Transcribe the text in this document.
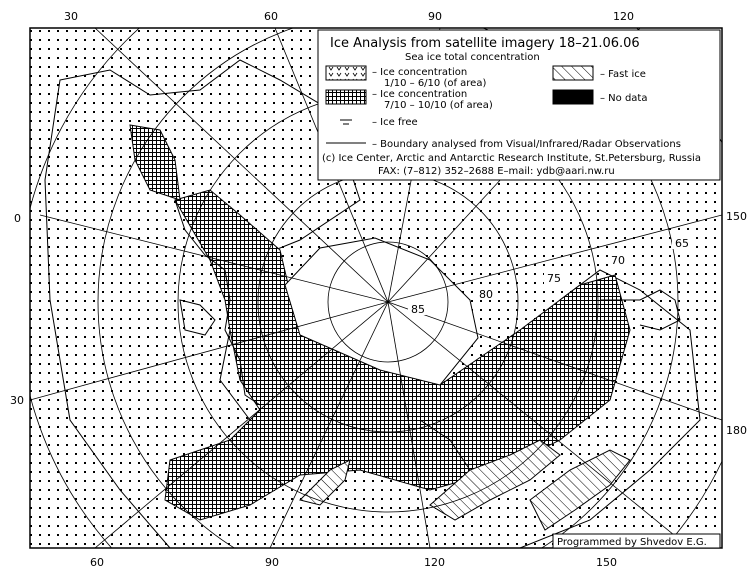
85
80
75
70
65
30	60	90	120
60	90	120	150
0
30
150
180
Ice Analysis from satellite imagery 18–21.06.06
Sea ice total concentration
– Ice concentration
1/10 – 6/10 (of area)
– Fast ice
– Ice concentration
7/10 – 10/10 (of area)
– No data
– Ice free
– Boundary analysed from Visual/Infrared/Radar Observations
(c) Ice Center, Arctic and Antarctic Research Institute, St.Petersburg, Russia
FAX: (7–812) 352–2688 E–mail: ydb@aari.nw.ru
Programmed by Shvedov E.G.
